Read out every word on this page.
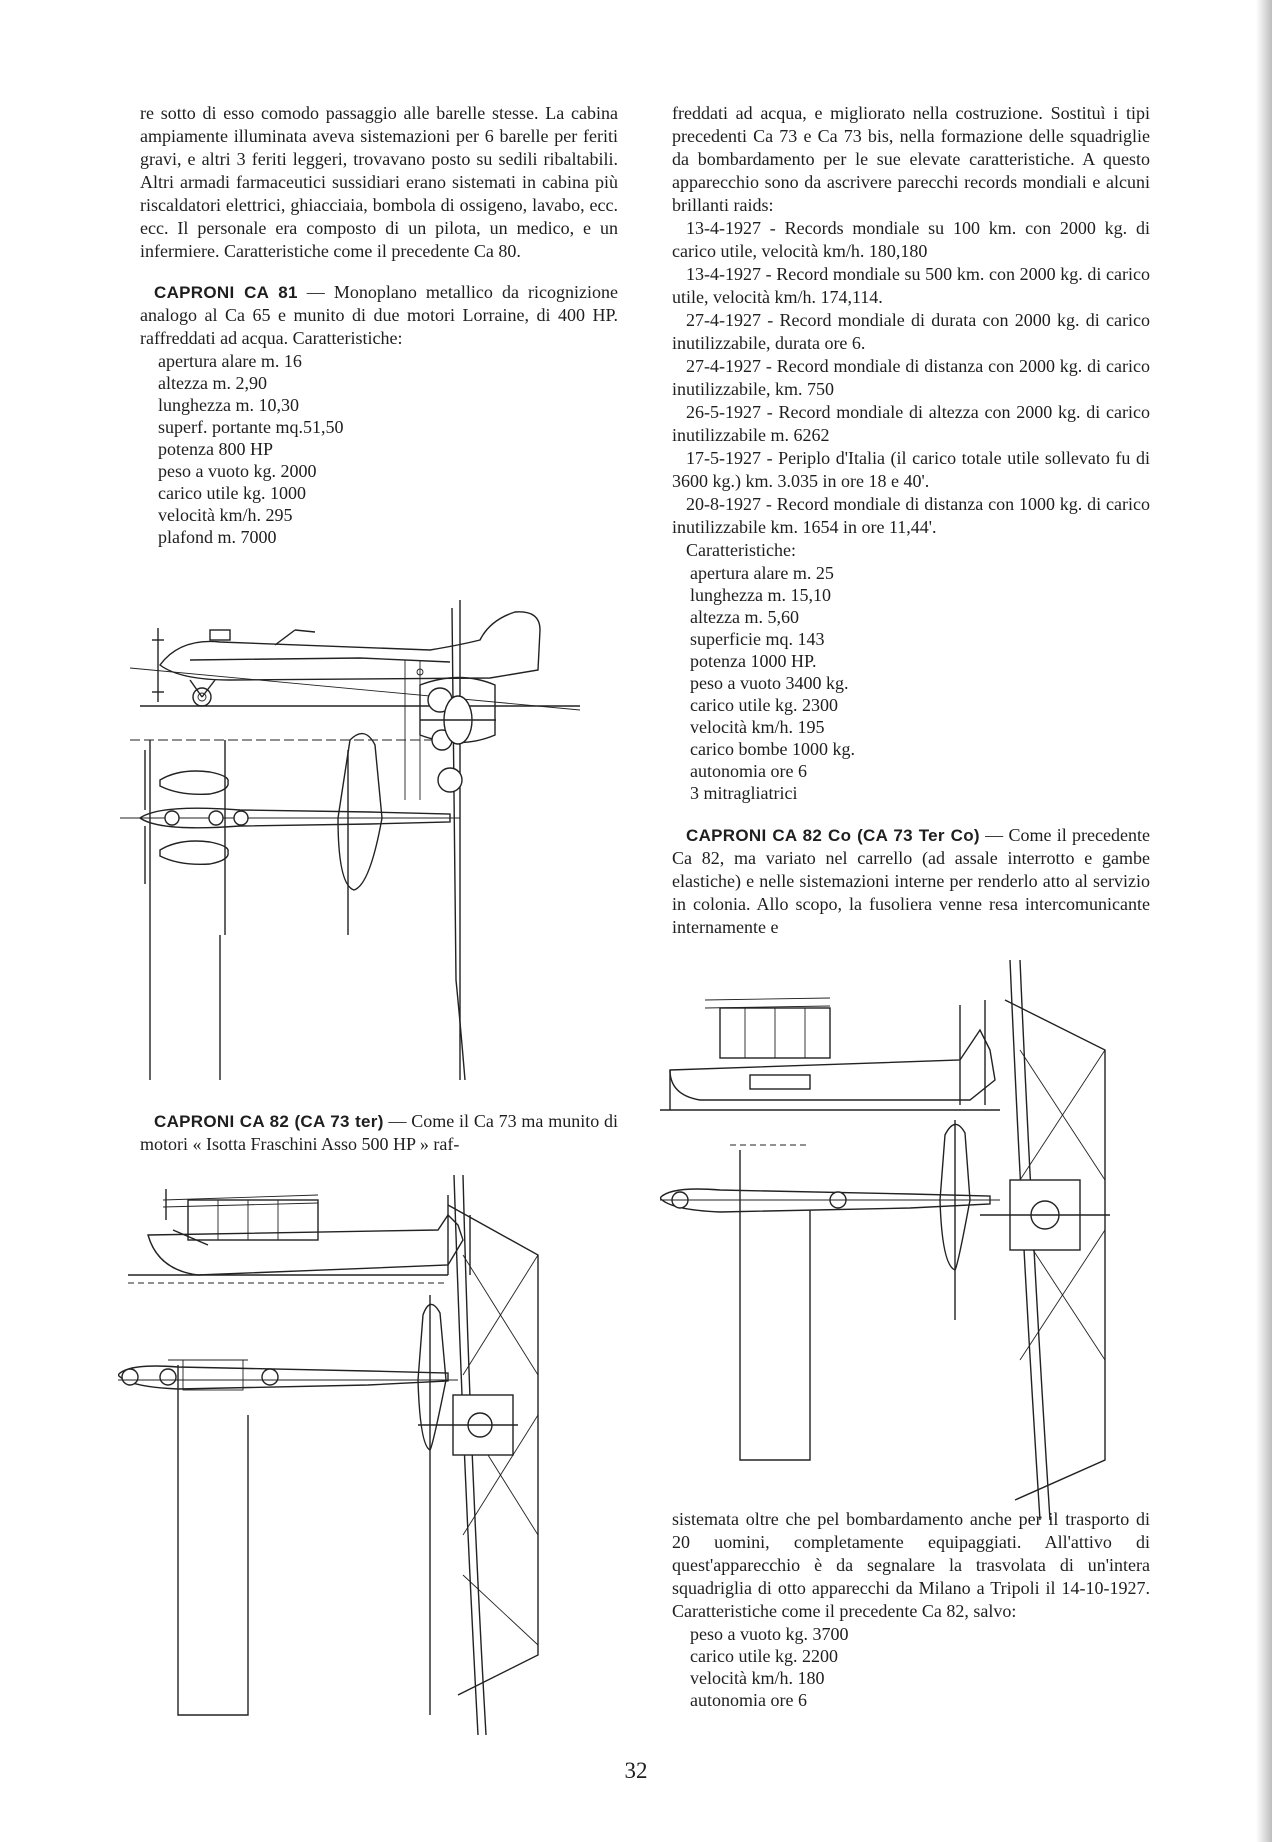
re sotto di esso comodo passaggio alle barelle stesse. La cabina ampiamente illuminata aveva sistemazioni per 6 barelle per feriti gravi, e altri 3 feriti leggeri, trovavano posto su sedili ribaltabili. Altri armadi farmaceutici sussidiari erano sistemati in cabina più riscaldatori elettrici, ghiacciaia, bombola di ossigeno, lavabo, ecc. ecc. Il personale era composto di un pilota, un medico, e un infermiere. Caratteristiche come il precedente Ca 80.

CAPRONI CA 81 — Monoplano metallico da ricognizione analogo al Ca 65 e munito di due motori Lorraine, di 400 HP. raffreddati ad acqua. Caratteristiche:

apertura alare m. 16
altezza m. 2,90
lunghezza m. 10,30
superf. portante mq.51,50
potenza 800 HP
peso a vuoto kg. 2000
carico utile kg. 1000
velocità km/h. 295
plafond m. 7000

CAPRONI CA 82 (CA 73 ter) — Come il Ca 73 ma munito di motori « Isotta Fraschini Asso 500 HP » raf-

freddati ad acqua, e migliorato nella costruzione. Sostituì i tipi precedenti Ca 73 e Ca 73 bis, nella formazione delle squadriglie da bombardamento per le sue elevate caratteristiche. A questo apparecchio sono da ascrivere parecchi records mondiali e alcuni brillanti raids:

13-4-1927 - Records mondiale su 100 km. con 2000 kg. di carico utile, velocità km/h. 180,180

13-4-1927 - Record mondiale su 500 km. con 2000 kg. di carico utile, velocità km/h. 174,114.

27-4-1927 - Record mondiale di durata con 2000 kg. di carico inutilizzabile, durata ore 6.

27-4-1927 - Record mondiale di distanza con 2000 kg. di carico inutilizzabile, km. 750

26-5-1927 - Record mondiale di altezza con 2000 kg. di carico inutilizzabile m. 6262

17-5-1927 - Periplo d'Italia (il carico totale utile sollevato fu di 3600 kg.) km. 3.035 in ore 18 e 40'.

20-8-1927 - Record mondiale di distanza con 1000 kg. di carico inutilizzabile km. 1654 in ore 11,44'.

Caratteristiche:

apertura alare m. 25
lunghezza m. 15,10
altezza m. 5,60
superficie mq. 143
potenza 1000 HP.
peso a vuoto 3400 kg.
carico utile kg. 2300
velocità km/h. 195
carico bombe 1000 kg.
autonomia ore 6
3 mitragliatrici

CAPRONI CA 82 Co (CA 73 Ter Co) — Come il precedente Ca 82, ma variato nel carrello (ad assale interrotto e gambe elastiche) e nelle sistemazioni interne per renderlo atto al servizio in colonia. Allo scopo, la fusoliera venne resa intercomunicante internamente e

sistemata oltre che pel bombardamento anche per il trasporto di 20 uomini, completamente equipaggiati. All'attivo di quest'apparecchio è da segnalare la trasvolata di un'intera squadriglia di otto apparecchi da Milano a Tripoli il 14-10-1927. Caratteristiche come il precedente Ca 82, salvo:

peso a vuoto kg. 3700
carico utile kg. 2200
velocità km/h. 180
autonomia ore 6
32
